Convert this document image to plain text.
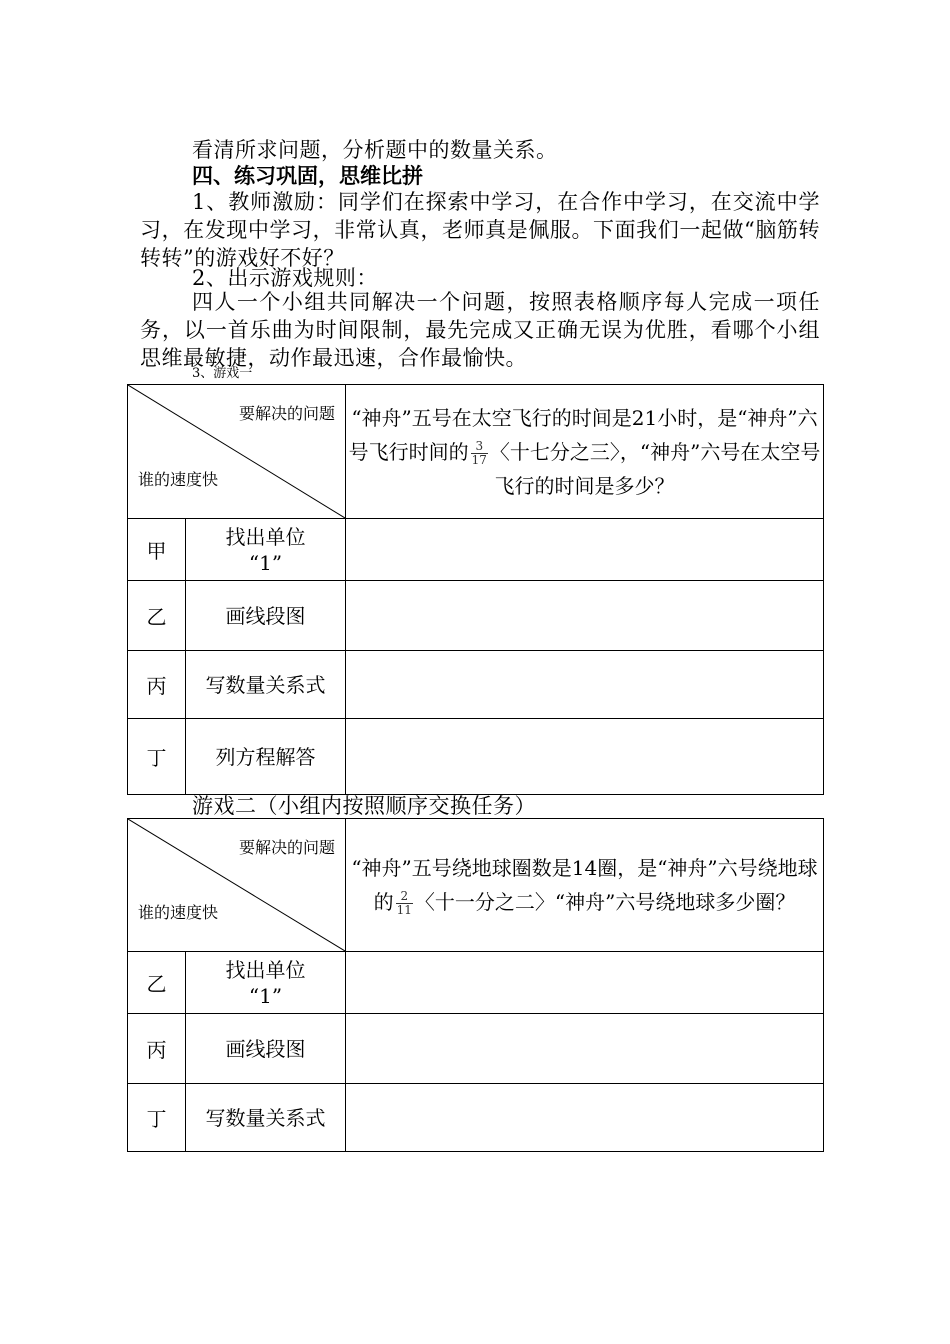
看清所求问题，分析题中的数量关系。

四、练习巩固，思维比拼

1、教师激励：同学们在探索中学习，在合作中学习，在交流中学习，在发现中学习，非常认真，老师真是佩服。下面我们一起做“脑筋转转转”的游戏好不好？

2、出示游戏规则：

四人一个小组共同解决一个问题，按照表格顺序每人完成一项任务，以一首乐曲为时间限制，最先完成又正确无误为优胜，看哪个小组思维最敏捷，动作最迅速，合作最愉快。

3、游戏一
要解决的问题
谁的速度快		“神舟”五号在太空飞行的时间是21小时，是“神舟”六号飞行时间的 $\frac{3}{17}$ 〈十七分之三〉，“神舟”六号在太空号飞行的时间是多少？
甲	找出单位
“1”	

乙	画线段图	
丙	写数量关系式	
丁	列方程解答	

游戏二（小组内按照顺序交换任务）

要解决的问题
谁的速度快		“神舟”五号绕地球圈数是14圈，是“神舟”六号绕地球的 $\frac{2}{11}$ 〈十一分之二〉“神舟”六号绕地球多少圈？
乙	找出单位
“1”	

丙	画线段图	
丁	写数量关系式	
